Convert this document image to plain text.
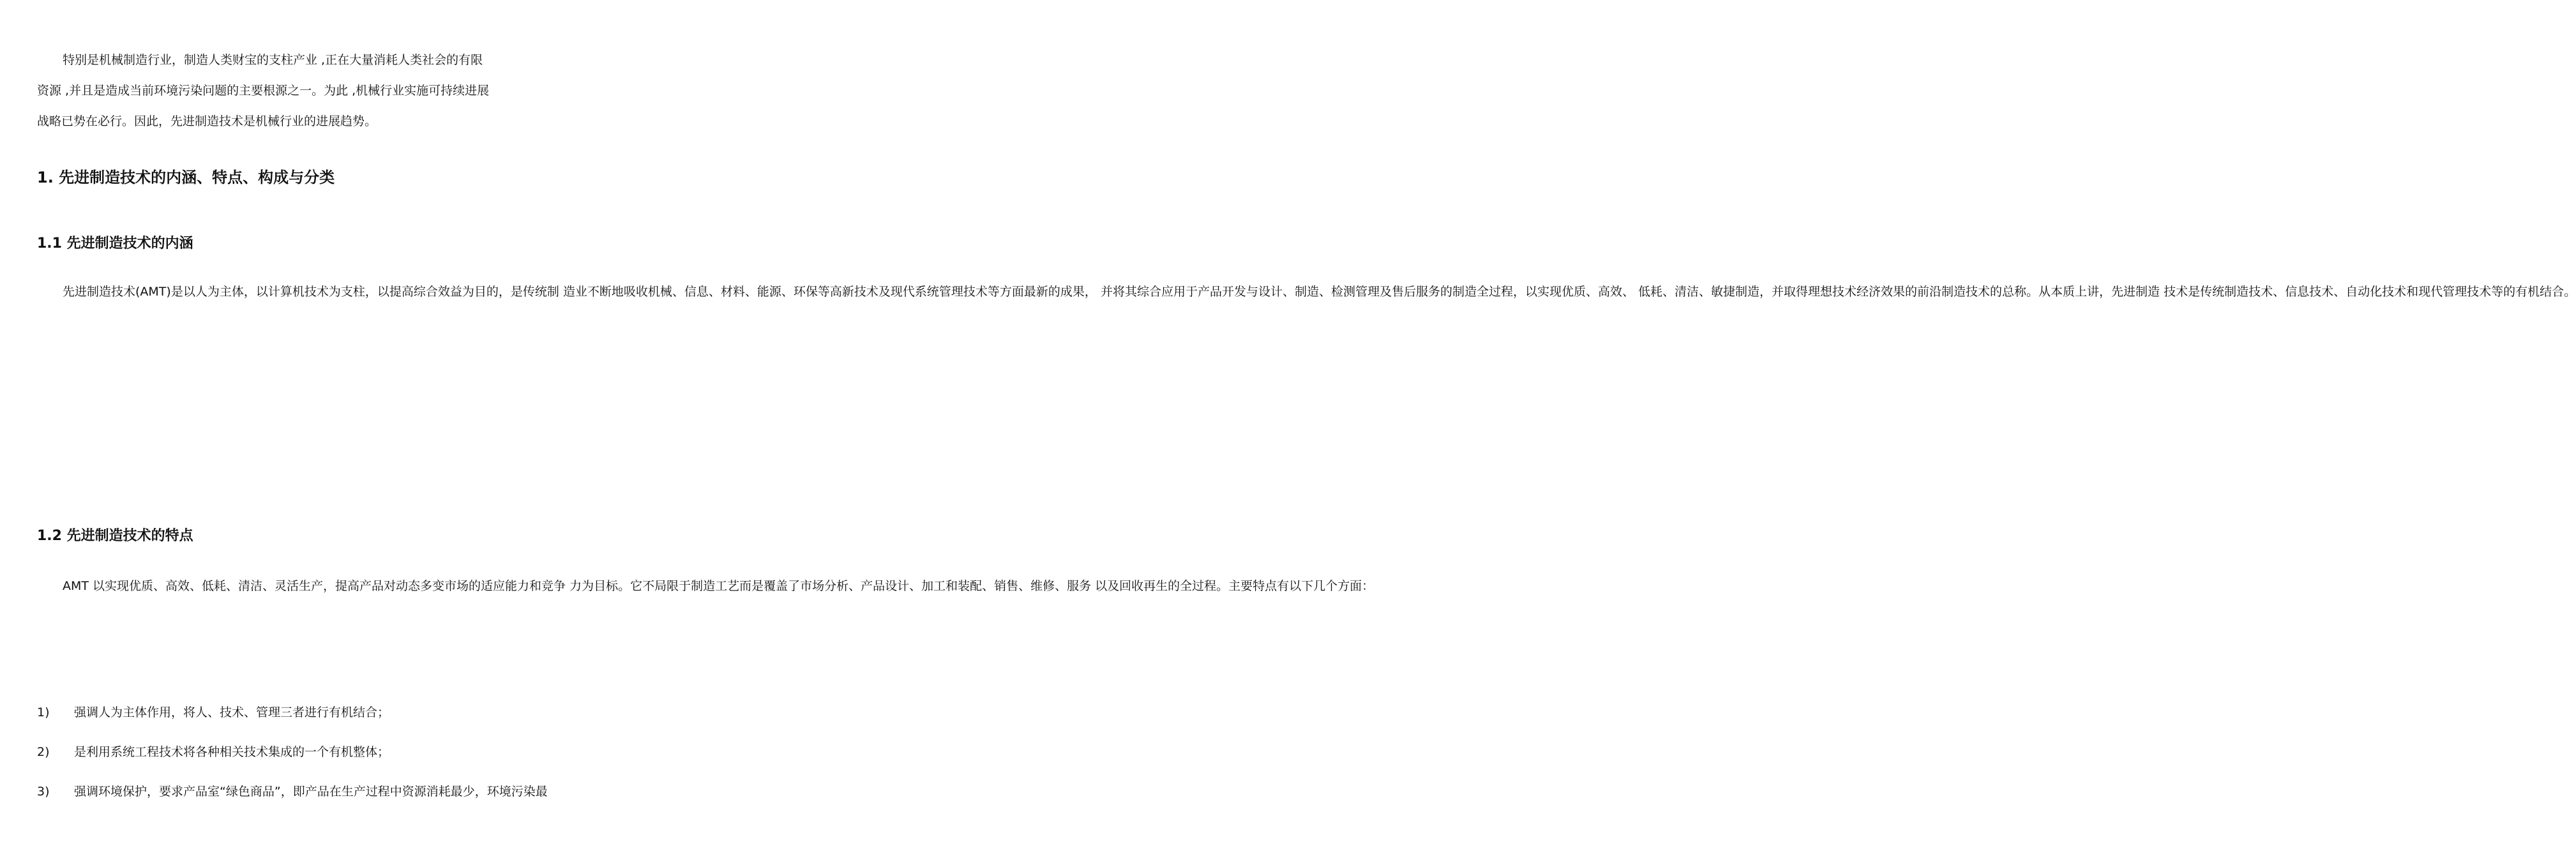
特别是机械制造行业，制造人类财宝的支柱产业 ,正在大量消耗人类社会的有限
资源 ,并且是造成当前环境污染问题的主要根源之一。为此 ,机械行业实施可持续进展
战略已势在必行。因此，先进制造技术是机械行业的进展趋势。
1. 先进制造技术的内涵、特点、构成与分类
1.1 先进制造技术的内涵
先进制造技术(AMT)是以人为主体，以计算机技术为支柱，以提高综合效益为目的，是传统制 造业不断地吸收机械、信息、材料、能源、环保等高新技术及现代系统管理技术等方面最新的成果， 并将其综合应用于产品开发与设计、制造、检测管理及售后服务的制造全过程，以实现优质、高效、 低耗、清洁、敏捷制造，并取得理想技术经济效果的前沿制造技术的总称。从本质上讲，先进制造 技术是传统制造技术、信息技术、自动化技术和现代管理技术等的有机结合。
1.2 先进制造技术的特点
AMT 以实现优质、高效、低耗、清洁、灵活生产，提高产品对动态多变市场的适应能力和竞争 力为目标。它不局限于制造工艺而是覆盖了市场分析、产品设计、加工和装配、销售、维修、服务 以及回收再生的全过程。主要特点有以下几个方面：
1)	强调人为主体作用，将人、技术、管理三者进行有机结合；
2)	是利用系统工程技术将各种相关技术集成的一个有机整体；
3)	强调环境保护，要求产品室“绿色商品”，即产品在生产过程中资源消耗最少，环境污染最
